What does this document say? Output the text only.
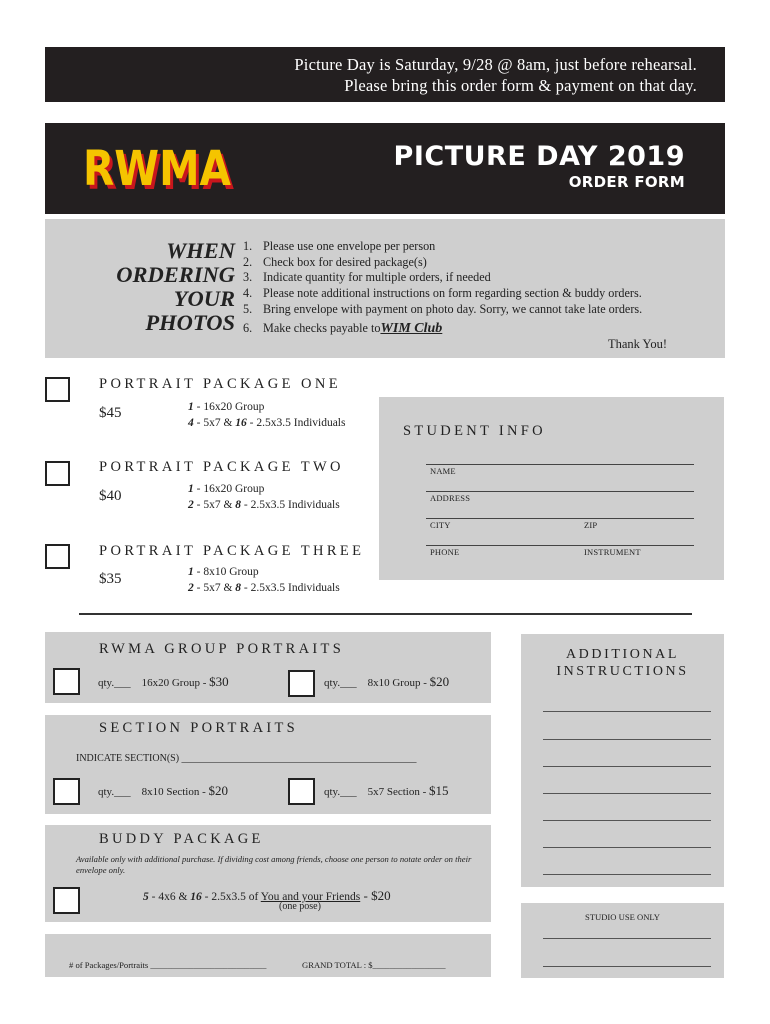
Picture Day is Saturday, 9/28 @ 8am, just before rehearsal.
Please bring this order form & payment on that day.
RWMA
RWMA	PICTURE DAY 2019
ORDER FORM
WHEN
ORDERING
YOUR
PHOTOS
1. Please use one envelope per person
2. Check box for desired package(s)
3. Indicate quantity for multiple orders, if needed
4. Please note additional instructions on form regarding section & buddy orders.
5. Bring envelope with payment on photo day. Sorry, we cannot take late orders.
6. Make checks payable to WIM Club
Thank You!
PORTRAIT PACKAGE ONE
$45	1 - 16x20 Group
4 - 5x7 & 16 - 2.5x3.5 Individuals
PORTRAIT PACKAGE TWO
$40	1 - 16x20 Group
2 - 5x7 & 8 - 2.5x3.5 Individuals
PORTRAIT PACKAGE THREE
$35	1 - 8x10 Group
2 - 5x7 & 8 - 2.5x3.5 Individuals
STUDENT INFO
NAME
ADDRESS
CITY	ZIP
PHONE	INSTRUMENT
RWMA GROUP PORTRAITS
qty.___ 16x20 Group - $30	qty.___ 8x10 Group - $20
SECTION PORTRAITS
INDICATE SECTION(S) _______________________________________________
qty.___ 8x10 Section - $20	qty.___ 5x7 Section - $15
BUDDY PACKAGE
Available only with additional purchase. If dividing cost among friends, choose one person to notate order on their envelope only.
5 - 4x6 & 16 - 2.5x3.5 of You and your Friends - $20
(one pose)
# of Packages/Portraits ___________________________	GRAND TOTAL : $_________________
ADDITIONAL
INSTRUCTIONS
STUDIO USE ONLY
